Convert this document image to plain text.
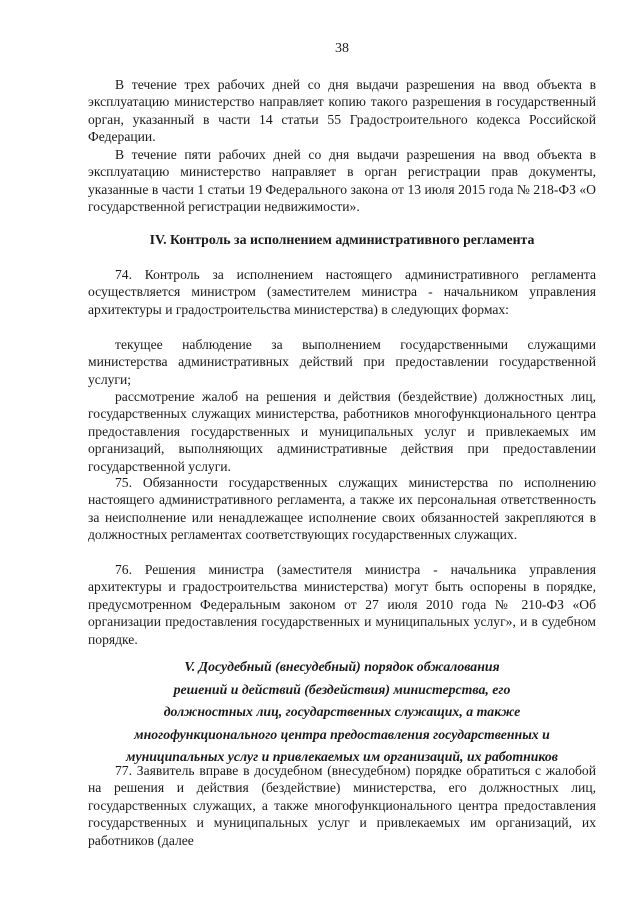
38

В течение трех рабочих дней со дня выдачи разрешения на ввод объекта в эксплуатацию министерство направляет копию такого разрешения в государственный орган, указанный в части 14 статьи 55 Градостроительного кодекса Российской Федерации.

В течение пяти рабочих дней со дня выдачи разрешения на ввод объекта в эксплуатацию министерство направляет в орган регистрации прав документы, указанные в части 1 статьи 19 Федерального закона от 13 июля 2015 года № 218-ФЗ «О государственной регистрации недвижимости».

IV. Контроль за исполнением административного регламента

74. Контроль за исполнением настоящего административного регламента осуществляется министром (заместителем министра - начальником управления архитектуры и градостроительства министерства) в следующих формах:

текущее наблюдение за выполнением государственными служащими министерства административных действий при предоставлении государственной услуги;

рассмотрение жалоб на решения и действия (бездействие) должностных лиц, государственных служащих министерства, работников многофункционального центра предоставления государственных и муниципальных услуг и привлекаемых им организаций, выполняющих административные действия при предоставлении государственной услуги.

75. Обязанности государственных служащих министерства по исполнению настоящего административного регламента, а также их персональная ответственность за неисполнение или ненадлежащее исполнение своих обязанностей закрепляются в должностных регламентах соответствующих государственных служащих.

76. Решения министра (заместителя министра - начальника управления архитектуры и градостроительства министерства) могут быть оспорены в порядке, предусмотренном Федеральным законом от 27 июля 2010 года № 210-ФЗ «Об организации предоставления государственных и муниципальных услуг», и в судебном порядке.

V. Досудебный (внесудебный) порядок обжалования
решений и действий (бездействия) министерства, его
должностных лиц, государственных служащих, а также
многофункционального центра предоставления государственных и
муниципальных услуг и привлекаемых им организаций, их работников

77. Заявитель вправе в досудебном (внесудебном) порядке обратиться с жалобой на решения и действия (бездействие) министерства, его должностных лиц, государственных служащих, а также многофункционального центра предоставления государственных и муниципальных услуг и привлекаемых им организаций, их работников (далее
